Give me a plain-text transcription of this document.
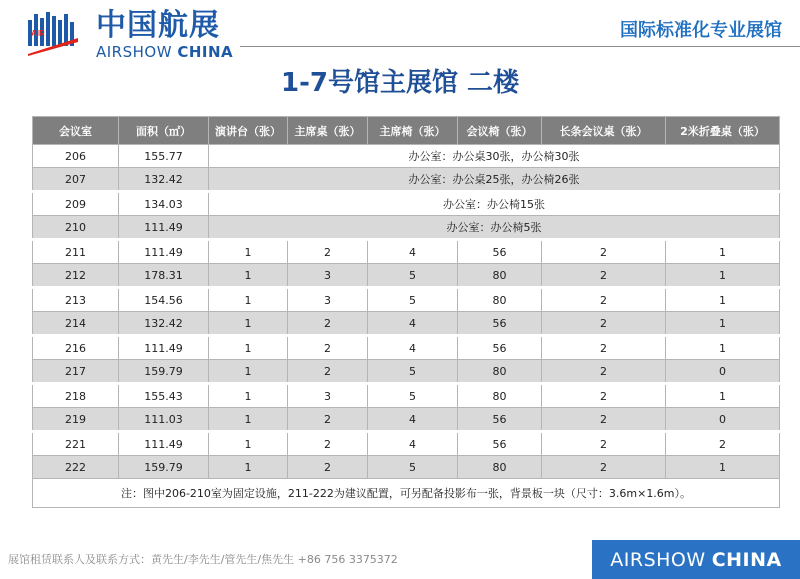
AIR 中国航展
AIRSHOW CHINA
国际标准化专业展馆
1-7号馆主展馆 二楼
会议室	面积（㎡）	演讲台（张）	主席桌（张）	主席椅（张）	会议椅（张）	长条会议桌（张）	2米折叠桌（张）
206	155.77	办公室：办公桌30张，办公椅30张					
207	132.42	办公室：办公桌25张，办公椅26张					
209	134.03	办公室：办公椅15张					
210	111.49	办公室：办公椅5张					
211	111.49	1	2	4	56	2	1
212	178.31	1	3	5	80	2	1
213	154.56	1	3	5	80	2	1
214	132.42	1	2	4	56	2	1
216	111.49	1	2	4	56	2	1
217	159.79	1	2	5	80	2	0
218	155.43	1	3	5	80	2	1
219	111.03	1	2	4	56	2	0
221	111.49	1	2	4	56	2	2
222	159.79	1	2	5	80	2	1
注：图中206-210室为固定设施，211-222为建议配置，可另配备投影布一张，背景板一块（尺寸：3.6m×1.6m）。							
展馆租赁联系人及联系方式：黄先生/李先生/管先生/焦先生 +86 756 3375372	AIRSHOW CHINA
